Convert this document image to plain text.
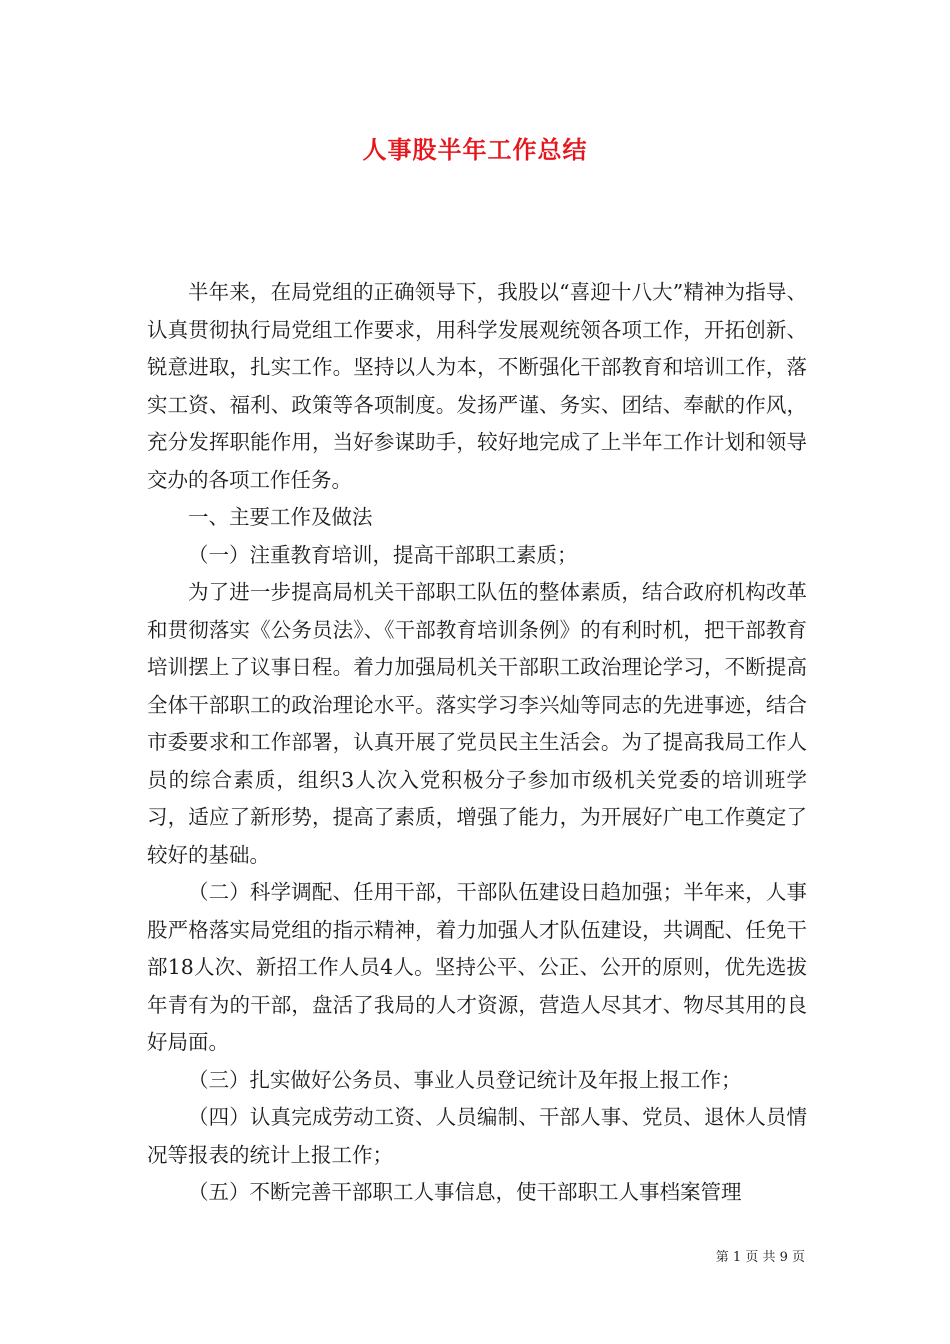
人事股半年工作总结

半年来，在局党组的正确领导下，我股以“喜迎十八大”精神为指导、认真贯彻执行局党组工作要求，用科学发展观统领各项工作，开拓创新、锐意进取，扎实工作。坚持以人为本，不断强化干部教育和培训工作，落实工资、福利、政策等各项制度。发扬严谨、务实、团结、奉献的作风，充分发挥职能作用，当好参谋助手，较好地完成了上半年工作计划和领导交办的各项工作任务。

一、主要工作及做法

（一）注重教育培训，提高干部职工素质；

为了进一步提高局机关干部职工队伍的整体素质，结合政府机构改革和贯彻落实《公务员法》、《干部教育培训条例》的有利时机，把干部教育培训摆上了议事日程。着力加强局机关干部职工政治理论学习，不断提高全体干部职工的政治理论水平。落实学习李兴灿等同志的先进事迹，结合市委要求和工作部署，认真开展了党员民主生活会。为了提高我局工作人员的综合素质，组织3人次入党积极分子参加市级机关党委的培训班学习，适应了新形势，提高了素质，增强了能力，为开展好广电工作奠定了较好的基础。

（二）科学调配、任用干部，干部队伍建设日趋加强；半年来，人事股严格落实局党组的指示精神，着力加强人才队伍建设，共调配、任免干部18人次、新招工作人员4人。坚持公平、公正、公开的原则，优先选拔年青有为的干部，盘活了我局的人才资源，营造人尽其才、物尽其用的良好局面。

（三）扎实做好公务员、事业人员登记统计及年报上报工作；

（四）认真完成劳动工资、人员编制、干部人事、党员、退休人员情况等报表的统计上报工作；

（五）不断完善干部职工人事信息，使干部职工人事档案管理

第 1 页 共 9 页
